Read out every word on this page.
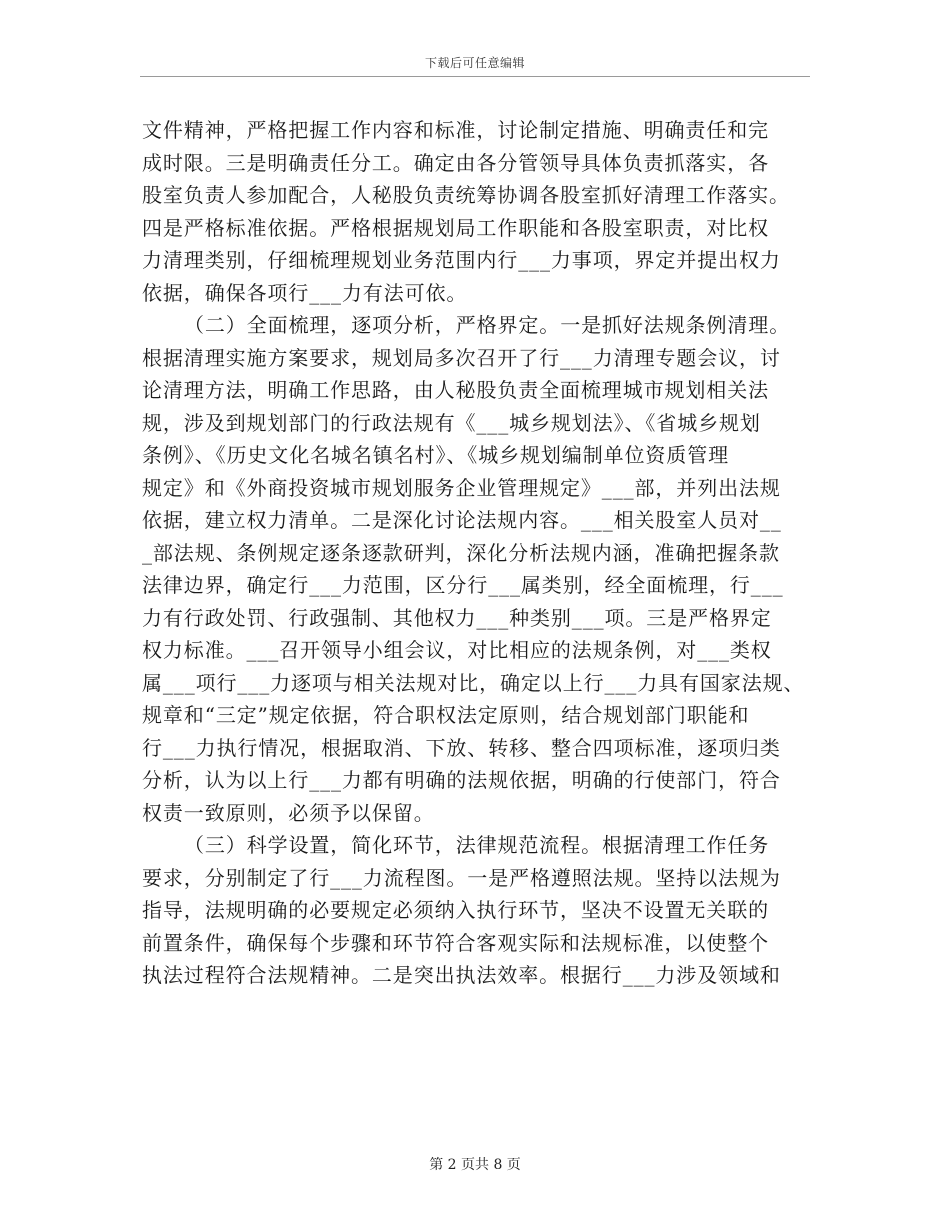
下载后可任意编辑
文件精神，严格把握工作内容和标准，讨论制定措施、明确责任和完
成时限。三是明确责任分工。确定由各分管领导具体负责抓落实，各
股室负责人参加配合，人秘股负责统筹协调各股室抓好清理工作落实。
四是严格标准依据。严格根据规划局工作职能和各股室职责，对比权
力清理类别，仔细梳理规划业务范围内行___力事项，界定并提出权力
依据，确保各项行___力有法可依。
（二）全面梳理，逐项分析，严格界定。一是抓好法规条例清理。
根据清理实施方案要求，规划局多次召开了行___力清理专题会议，讨
论清理方法，明确工作思路，由人秘股负责全面梳理城市规划相关法
规，涉及到规划部门的行政法规有《___城乡规划法》、《省城乡规划
条例》、《历史文化名城名镇名村》、《城乡规划编制单位资质管理
规定》和《外商投资城市规划服务企业管理规定》___部，并列出法规
依据，建立权力清单。二是深化讨论法规内容。___相关股室人员对__
_部法规、条例规定逐条逐款研判，深化分析法规内涵，准确把握条款
法律边界，确定行___力范围，区分行___属类别，经全面梳理，行___
力有行政处罚、行政强制、其他权力___种类别___项。三是严格界定
权力标准。___召开领导小组会议，对比相应的法规条例，对___类权
属___项行___力逐项与相关法规对比，确定以上行___力具有国家法规、
规章和“三定”规定依据，符合职权法定原则，结合规划部门职能和
行___力执行情况，根据取消、下放、转移、整合四项标准，逐项归类
分析，认为以上行___力都有明确的法规依据，明确的行使部门，符合
权责一致原则，必须予以保留。
（三）科学设置，简化环节，法律规范流程。根据清理工作任务
要求，分别制定了行___力流程图。一是严格遵照法规。坚持以法规为
指导，法规明确的必要规定必须纳入执行环节，坚决不设置无关联的
前置条件，确保每个步骤和环节符合客观实际和法规标准，以使整个
执法过程符合法规精神。二是突出执法效率。根据行___力涉及领域和
第 2 页共 8 页
